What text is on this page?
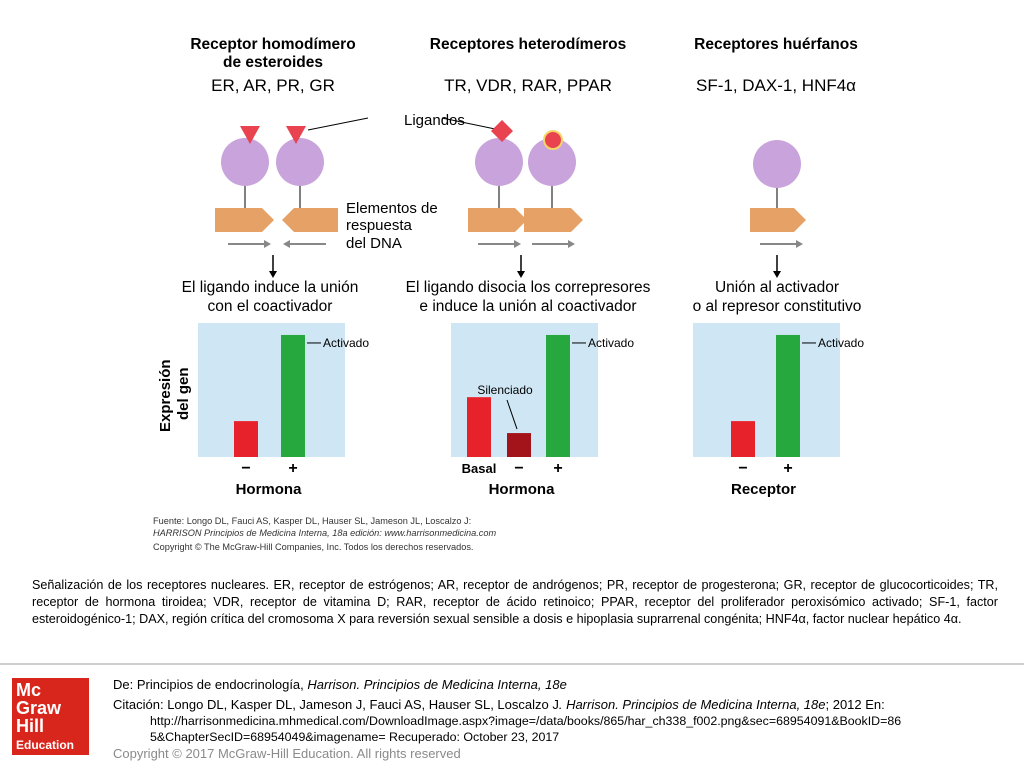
Receptor homodímero
de esteroides
ER, AR, PR, GR
Receptores heterodímeros
TR, VDR, RAR, PPAR
Receptores huérfanos
SF-1, DAX-1, HNF4α
Ligandos
Elementos de
respuesta
del DNA
El ligando induce la unión
con el coactivador
El ligando disocia los correpresores
e induce la unión al coactivador
Unión al activador
o al represor constitutivo
Expresión del gen
− +
Activado
Hormona
Basal −
Silenciado
+
Activado
Hormona
− +
Activado
Receptor
Fuente: Longo DL, Fauci AS, Kasper DL, Hauser SL, Jameson JL, Loscalzo J:
HARRISON Principios de Medicina Interna, 18a edición: www.harrisonmedicina.com
Copyright © The McGraw-Hill Companies, Inc. Todos los derechos reservados.
Señalización de los receptores nucleares. ER, receptor de estrógenos; AR, receptor de andrógenos; PR, receptor de progesterona; GR, receptor de glucocorticoides; TR, receptor de hormona tiroidea; VDR, receptor de vitamina D; RAR, receptor de ácido retinoico; PPAR, receptor del proliferador peroxisómico activado; SF-1, factor esteroidogénico-1; DAX, región crítica del cromosoma X para reversión sexual sensible a dosis e hipoplasia suprarrenal congénita; HNF4α, factor nuclear hepático 4α.
Mc
Graw
Hill
Education
De: Principios de endocrinología, Harrison. Principios de Medicina Interna, 18e
Citación: Longo DL, Kasper DL, Jameson J, Fauci AS, Hauser SL, Loscalzo J. Harrison. Principios de Medicina Interna, 18e; 2012 En:
http://harrisonmedicina.mhmedical.com/DownloadImage.aspx?image=/data/books/865/har_ch338_f002.png&sec=68954091&BookID=86
5&ChapterSecID=68954049&imagename= Recuperado: October 23, 2017
Copyright © 2017 McGraw-Hill Education. All rights reserved
